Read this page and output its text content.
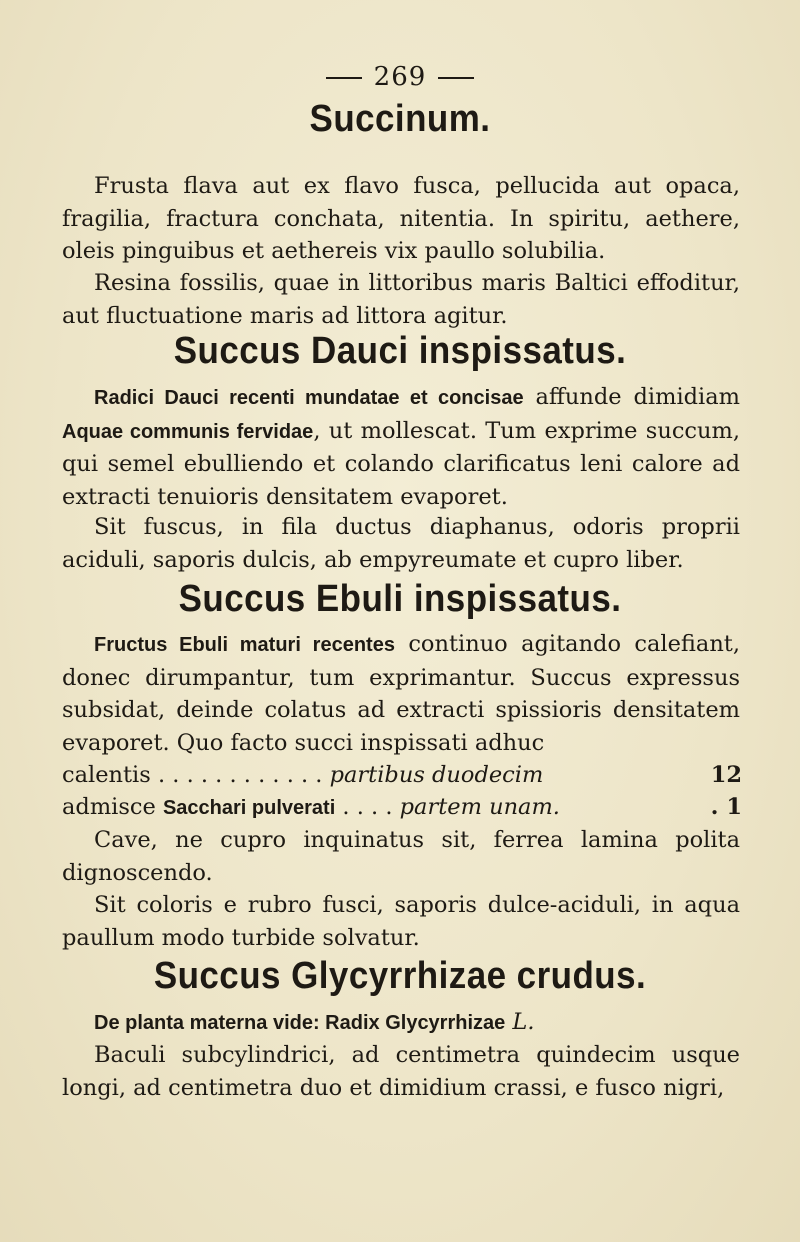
269
Succinum.
Frusta flava aut ex flavo fusca, pellucida aut opaca, fragilia, fractura conchata, nitentia. In spiritu, aethere, oleis pinguibus et aethereis vix paullo solubilia.
Resina fossilis, quae in littoribus maris Baltici effoditur, aut fluctuatione maris ad littora agitur.
Succus Dauci inspissatus.
Radici Dauci recenti mundatae et concisae affunde dimidiam Aquae communis fervidae, ut mollescat. Tum exprime succum, qui semel ebulliendo et colando clarificatus leni calore ad extracti tenuioris densitatem evaporet.
Sit fuscus, in fila ductus diaphanus, odoris proprii aciduli, saporis dulcis, ab empyreumate et cupro liber.
Succus Ebuli inspissatus.
Fructus Ebuli maturi recentes continuo agitando calefiant, donec dirumpantur, tum exprimantur. Succus expressus subsidat, deinde colatus ad extracti spissioris densitatem evaporet. Quo facto succi inspissati adhuc
calentis . . . . . . . . . . . . partibus duodecim	12
admisce Sacchari pulverati . . . . partem unam.	. 1
Cave, ne cupro inquinatus sit, ferrea lamina polita dignoscendo.
Sit coloris e rubro fusci, saporis dulce-aciduli, in aqua paullum modo turbide solvatur.
Succus Glycyrrhizae crudus.
De planta materna vide: Radix Glycyrrhizae L.
Baculi subcylindrici, ad centimetra quindecim usque longi, ad centimetra duo et dimidium crassi, e fusco nigri,
